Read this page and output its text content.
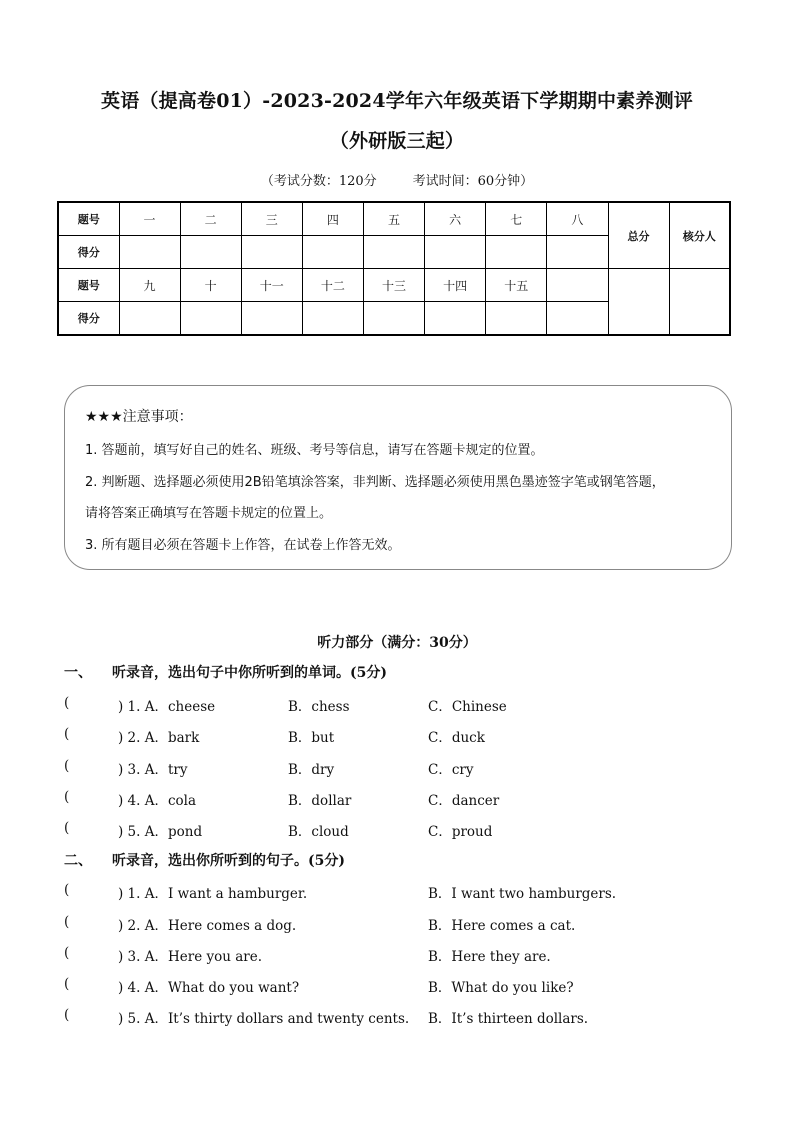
英语（提高卷01）-2023-2024学年六年级英语下学期期中素养测评
（外研版三起）
（考试分数：120分	考试时间：60分钟）
题号	一	二	三	四	五	六	七	八	总分	核分人
得分										
题号	九	十	十一	十二	十三	十四	十五			
得分										
★★★注意事项：
1. 答题前，填写好自己的姓名、班级、考号等信息，请写在答题卡规定的位置。
2. 判断题、选择题必须使用2B铅笔填涂答案，非判断、选择题必须使用黑色墨迹签字笔或钢笔答题，
请将答案正确填写在答题卡规定的位置上。
3. 所有题目必须在答题卡上作答，在试卷上作答无效。
听力部分（满分：30分）
一、 听录音，选出句子中你所听到的单词。(5分)
(	) 1. A．cheese	B．chess	C．Chinese
(	) 2. A．bark	B．but	C．duck
(	) 3. A．try	B．dry	C．cry
(	) 4. A．cola	B．dollar	C．dancer
(	) 5. A．pond	B．cloud	C．proud
二、 听录音，选出你所听到的句子。(5分)
(	) 1. A．I want a hamburger.	B．I want two hamburgers.
(	) 2. A．Here comes a dog.	B．Here comes a cat.
(	) 3. A．Here you are.	B．Here they are.
(	) 4. A．What do you want?	B．What do you like?
(	) 5. A．It’s thirty dollars and twenty cents. B．It’s thirteen dollars.
